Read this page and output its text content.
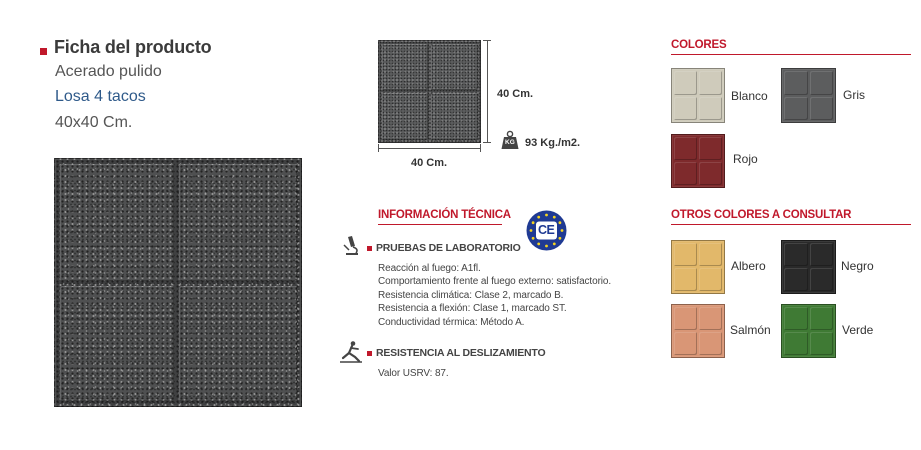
Ficha del producto
Acerado pulido
Losa 4 tacos
40x40 Cm.
40 Cm.
40 Cm.
KG 93 Kg./m2.
INFORMACIÓN TÉCNICA
CE
PRUEBAS DE LABORATORIO
Reacción al fuego: A1fl.
Comportamiento frente al fuego externo: satisfactorio.
Resistencia climática: Clase 2, marcado B.
Resistencia a flexión: Clase 1, marcado ST.
Conductividad térmica: Método A.
RESISTENCIA AL DESLIZAMIENTO
Valor USRV: 87.
COLORES
Blanco	Gris
Rojo
OTROS COLORES A CONSULTAR
Albero	Negro
Salmón	Verde
